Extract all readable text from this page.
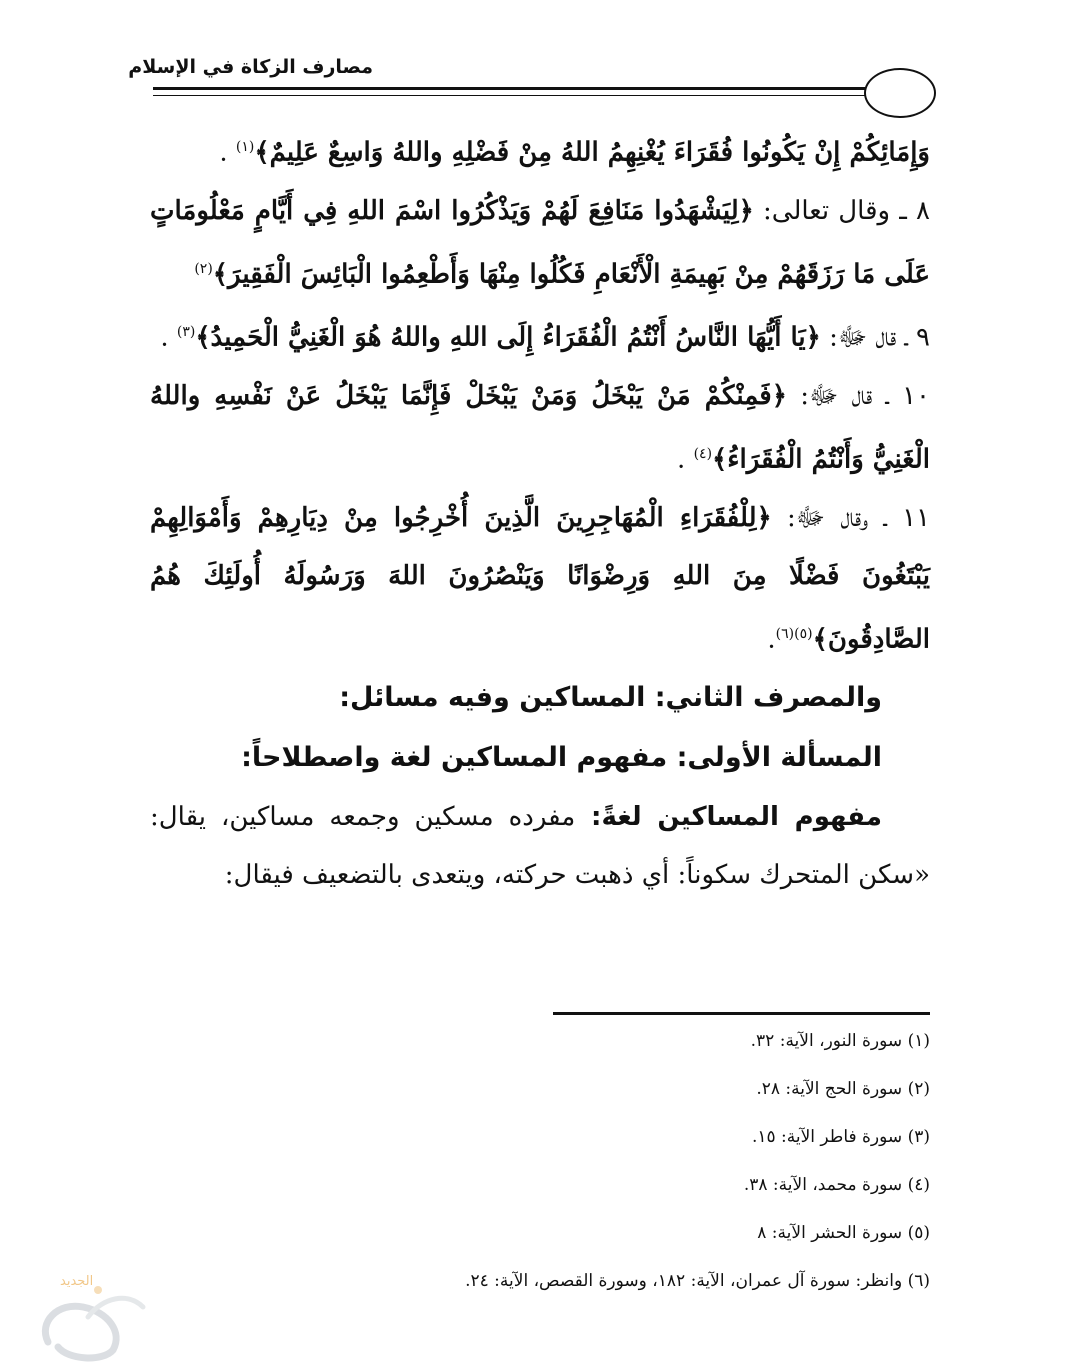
مصارف الزكاة في الإسلام

وَإِمَائِكُمْ إِنْ يَكُونُوا فُقَرَاءَ يُغْنِهِمُ اللهُ مِنْ فَضْلِهِ واللهُ وَاسِعٌ عَلِيمٌ﴾$^{(١)}$ .

٨ ـ وقال تعالى: ﴿لِيَشْهَدُوا مَنَافِعَ لَهُمْ وَيَذْكُرُوا اسْمَ اللهِ فِي أَيَّامٍ مَعْلُومَاتٍ عَلَى مَا رَزَقَهُمْ مِنْ بَهِيمَةِ الْأَنْعَامِ فَكُلُوا مِنْهَا وَأَطْعِمُوا الْبَائِسَ الْفَقِيرَ﴾$^{(٢)}$

٩ ـ قال ﷻ: ﴿يَا أَيُّهَا النَّاسُ أَنْتُمُ الْفُقَرَاءُ إِلَى اللهِ واللهُ هُوَ الْغَنِيُّ الْحَمِيدُ﴾$^{(٣)}$ .

١٠ ـ قال ﷻ: ﴿فَمِنْكُمْ مَنْ يَبْخَلُ وَمَنْ يَبْخَلْ فَإِنَّمَا يَبْخَلُ عَنْ نَفْسِهِ واللهُ الْغَنِيُّ وَأَنْتُمُ الْفُقَرَاءُ﴾$^{(٤)}$ .

١١ ـ وقال ﷻ: ﴿لِلْفُقَرَاءِ الْمُهَاجِرِينَ الَّذِينَ أُخْرِجُوا مِنْ دِيَارِهِمْ وَأَمْوَالِهِمْ يَبْتَغُونَ فَضْلًا مِنَ اللهِ وَرِضْوَانًا وَيَنْصُرُونَ اللهَ وَرَسُولَهُ أُولَئِكَ هُمُ الصَّادِقُونَ﴾$^{(٥)(٦)}$.

والمصرف الثاني: المساكين وفيه مسائل:

المسألة الأولى: مفهوم المساكين لغة واصطلاحاً:

مفهوم المساكين لغةً: مفرده مسكين وجمعه مساكين، يقال: «سكن المتحرك سكوناً: أي ذهبت حركته، ويتعدى بالتضعيف فيقال:

(١) سورة النور، الآية: ٣٢.
(٢) سورة الحج الآية: ٢٨.
(٣) سورة فاطر الآية: ١٥.
(٤) سورة محمد، الآية: ٣٨.
(٥) سورة الحشر الآية: ٨
(٦) وانظر: سورة آل عمران، الآية: ١٨٢، وسورة القصص، الآية: ٢٤.
الجديد
